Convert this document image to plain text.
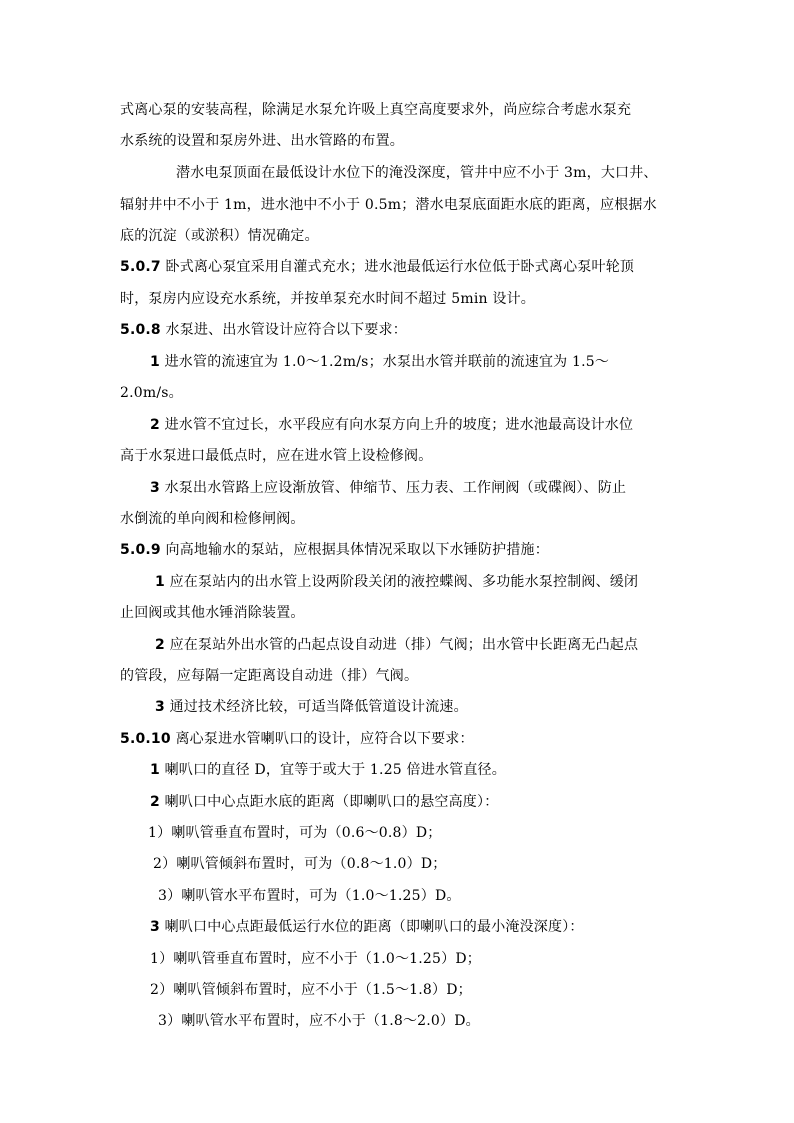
式离心泵的安装高程，除满足水泵允许吸上真空高度要求外，尚应综合考虑水泵充
水系统的设置和泵房外进、出水管路的布置。
潜水电泵顶面在最低设计水位下的淹没深度，管井中应不小于 3m，大口井、
辐射井中不小于 1m，进水池中不小于 0.5m；潜水电泵底面距水底的距离，应根据水
底的沉淀（或淤积）情况确定。
5.0.7 卧式离心泵宜采用自灌式充水；进水池最低运行水位低于卧式离心泵叶轮顶
时，泵房内应设充水系统，并按单泵充水时间不超过 5min 设计。
5.0.8 水泵进、出水管设计应符合以下要求：
1 进水管的流速宜为 1.0～1.2m/s；水泵出水管并联前的流速宜为 1.5～
2.0m/s。
2 进水管不宜过长，水平段应有向水泵方向上升的坡度；进水池最高设计水位
高于水泵进口最低点时，应在进水管上设检修阀。
3 水泵出水管路上应设渐放管、伸缩节、压力表、工作闸阀（或碟阀）、防止
水倒流的单向阀和检修闸阀。
5.0.9 向高地输水的泵站，应根据具体情况采取以下水锤防护措施：
1 应在泵站内的出水管上设两阶段关闭的液控蝶阀、多功能水泵控制阀、缓闭
止回阀或其他水锤消除装置。
2 应在泵站外出水管的凸起点设自动进（排）气阀；出水管中长距离无凸起点
的管段，应每隔一定距离设自动进（排）气阀。
3 通过技术经济比较，可适当降低管道设计流速。
5.0.10 离心泵进水管喇叭口的设计，应符合以下要求：
1 喇叭口的直径 D，宜等于或大于 1.25 倍进水管直径。
2 喇叭口中心点距水底的距离（即喇叭口的悬空高度）：
1）喇叭管垂直布置时，可为（0.6～0.8）D；
2）喇叭管倾斜布置时，可为（0.8～1.0）D；
3）喇叭管水平布置时，可为（1.0～1.25）D。
3 喇叭口中心点距最低运行水位的距离（即喇叭口的最小淹没深度）：
1）喇叭管垂直布置时，应不小于（1.0～1.25）D；
2）喇叭管倾斜布置时，应不小于（1.5～1.8）D；
3）喇叭管水平布置时，应不小于（1.8～2.0）D。
